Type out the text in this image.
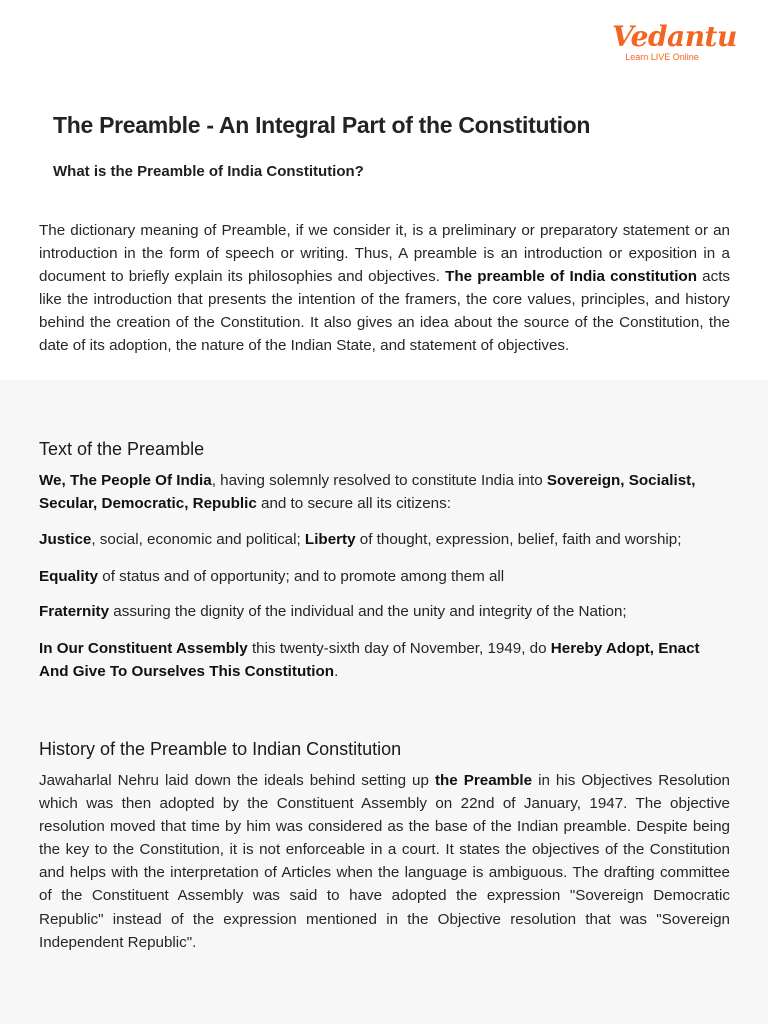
Vedantu
Learn LIVE Online
The Preamble - An Integral Part of the Constitution
What is the Preamble of India Constitution?

The dictionary meaning of Preamble, if we consider it, is a preliminary or preparatory statement or an introduction in the form of speech or writing. Thus, A preamble is an introduction or exposition in a document to briefly explain its philosophies and objectives. The preamble of India constitution acts like the introduction that presents the intention of the framers, the core values, principles, and history behind the creation of the Constitution. It also gives an idea about the source of the Constitution, the date of its adoption, the nature of the Indian State, and statement of objectives.

Text of the Preamble

We, The People Of India, having solemnly resolved to constitute India into Sovereign, Socialist,

Secular, Democratic, Republic and to secure all its citizens:

Justice, social, economic and political; Liberty of thought, expression, belief, faith and worship;

Equality of status and of opportunity; and to promote among them all

Fraternity assuring the dignity of the individual and the unity and integrity of the Nation;

In Our Constituent Assembly this twenty-sixth day of November, 1949, do Hereby Adopt, Enact

And Give To Ourselves This Constitution.

History of the Preamble to Indian Constitution

Jawaharlal Nehru laid down the ideals behind setting up the Preamble in his Objectives Resolution which was then adopted by the Constituent Assembly on 22nd of January, 1947. The objective resolution moved that time by him was considered as the base of the Indian preamble. Despite being the key to the Constitution, it is not enforceable in a court. It states the objectives of the Constitution and helps with the interpretation of Articles when the language is ambiguous. The drafting committee of the Constituent Assembly was said to have adopted the expression "Sovereign Democratic Republic" instead of the expression mentioned in the Objective resolution that was "Sovereign Independent Republic".
